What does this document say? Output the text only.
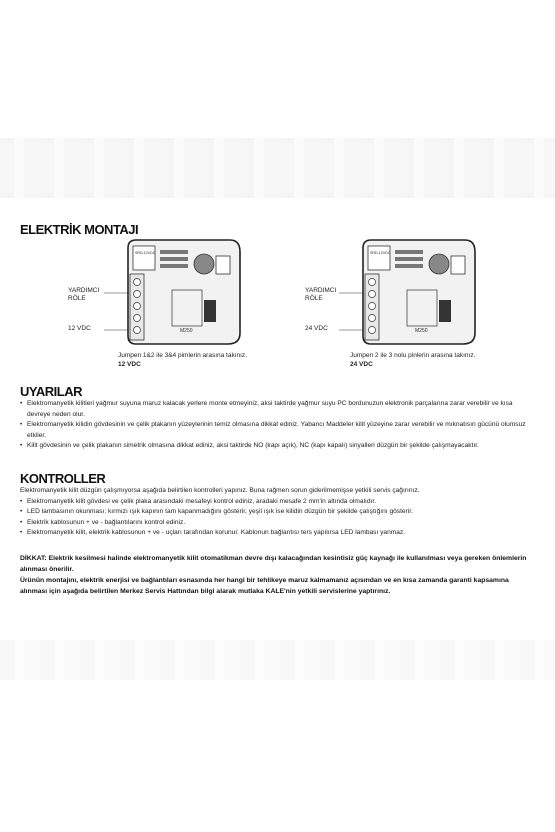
ELEKTRİK MONTAJI
YARDIMCI
RÖLE
12 VDC
SRD-12VDC
M250
Jumpen 1&2 ile 3&4 pimlerin arasına takınız.
12 VDC
YARDIMCI
RÖLE
24 VDC
SRD-12VDC
M250
Jumpen 2 ile 3 nolu pinlerin arasına takınız.
24 VDC
UYARILAR

• Elektromanyetik kilitleri yağmur suyuna maruz kalacak yerlere monte etmeyiniz, aksi taktirde yağmur suyu PC bordunuzun elektronik parçalarına zarar verebilir ve kısa devreye neden olur.

• Elektromanyetik kilidin gövdesinin ve çelik plakanın yüzeylerinin temiz olmasına dikkat ediniz. Yabancı Maddeler kilit yüzeyine zarar verebilir ve mıknatısın gücünü olumsuz etkiler.

• Kilit gövdesinin ve çelik plakanın simetrik olmasına dikkat ediniz, aksi taktirde NO (kapı açık), NC (kapı kapalı) sinyalleri düzgün bir şekilde çalışmayacaktır.

KONTROLLER

Elektromanyetik kilit düzgün çalışmıyorsa aşağıda belirtilen kontrolleri yapınız. Buna rağmen sorun giderilmemişse yetkili servis çağırınız.

• Elektromanyetik kilit gövdesi ve çelik plaka arasındaki mesafeyi kontrol ediniz, aradaki mesafe 2 mm'in altında olmalıdır.

• LED lambasının okunması; kırmızı ışık kapının tam kapanmadığını gösterir, yeşil ışık ise kilidin düzgün bir şekilde çalıştığını gösterir.

• Elektrik kablosunun + ve - bağlantılarını kontrol ediniz.

• Elektromanyetik kilit, elektrik kablosunun + ve - uçları tarafından korunur. Kablonun bağlantısı ters yapılırsa LED lambası yanmaz.

DİKKAT: Elektrik kesilmesi halinde elektromanyetik kilit otomatikman devre dışı kalacağından kesintisiz güç kaynağı ile kullanılması veya gereken önlemlerin alınması önerilir.

Ürünün montajını, elektrik enerjisi ve bağlantıları esnasında her hangi bir tehlikeye maruz kalmamanız açısından ve en kısa zamanda garanti kapsamına alınması için aşağıda belirtilen Merkez Servis Hattından bilgi alarak mutlaka KALE'nin yetkili servislerine yaptırınız.
